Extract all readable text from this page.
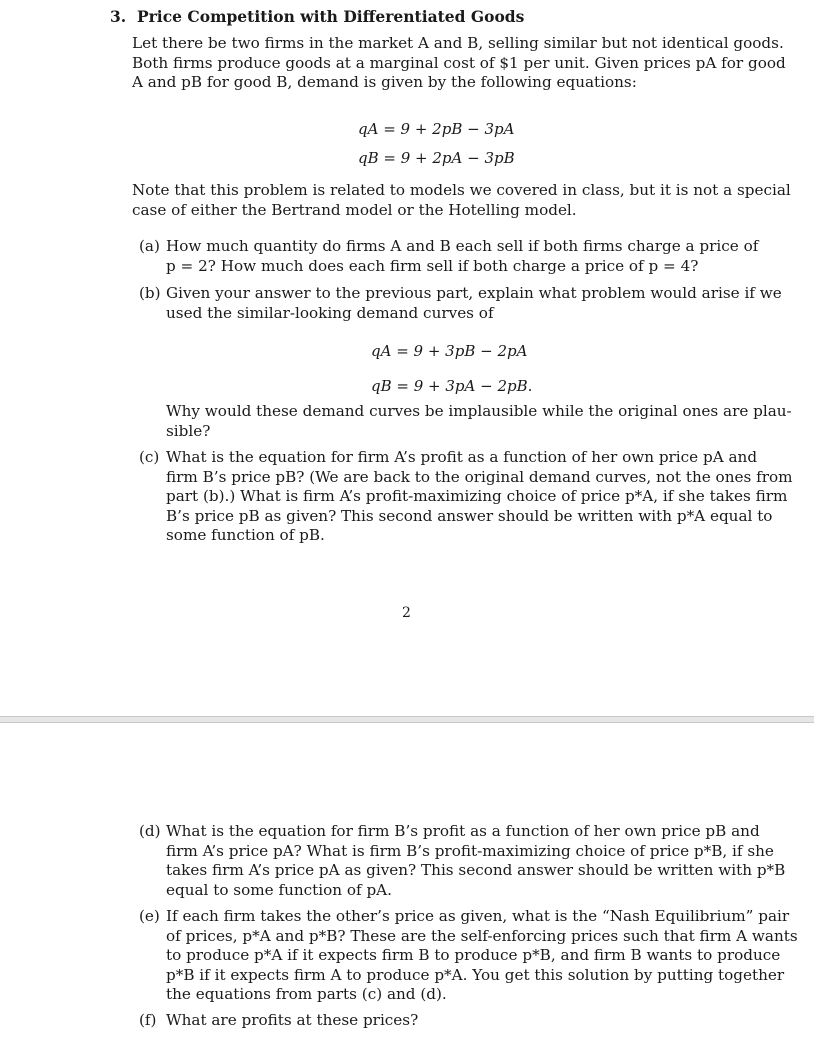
3. Price Competition with Differentiated Goods
Let there be two firms in the market A and B, selling similar but not identical goods.
Both firms produce goods at a marginal cost of $1 per unit. Given prices pA for good
A and pB for good B, demand is given by the following equations:
qA = 9 + 2pB − 3pA
qB = 9 + 2pA − 3pB
Note that this problem is related to models we covered in class, but it is not a special
case of either the Bertrand model or the Hotelling model.
(a) How much quantity do firms A and B each sell if both firms charge a price of
p = 2? How much does each firm sell if both charge a price of p = 4?
(b) Given your answer to the previous part, explain what problem would arise if we
used the similar-looking demand curves of
qA = 9 + 3pB − 2pA
qB = 9 + 3pA − 2pB.
Why would these demand curves be implausible while the original ones are plau-
sible?
(c) What is the equation for firm A’s profit as a function of her own price pA and
firm B’s price pB? (We are back to the original demand curves, not the ones from
part (b).) What is firm A’s profit-maximizing choice of price p*A, if she takes firm
B’s price pB as given? This second answer should be written with p*A equal to
some function of pB.
2
(d) What is the equation for firm B’s profit as a function of her own price pB and
firm A’s price pA? What is firm B’s profit-maximizing choice of price p*B, if she
takes firm A’s price pA as given? This second answer should be written with p*B
equal to some function of pA.
(e) If each firm takes the other’s price as given, what is the “Nash Equilibrium” pair
of prices, p*A and p*B? These are the self-enforcing prices such that firm A wants
to produce p*A if it expects firm B to produce p*B, and firm B wants to produce
p*B if it expects firm A to produce p*A. You get this solution by putting together
the equations from parts (c) and (d).
(f) What are profits at these prices?
